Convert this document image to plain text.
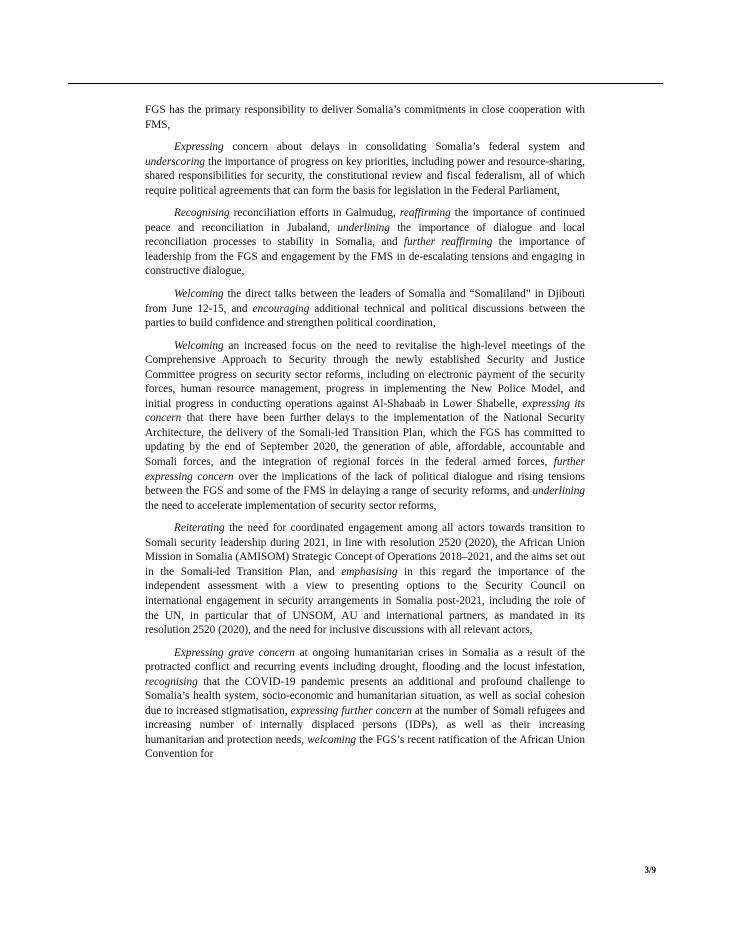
FGS has the primary responsibility to deliver Somalia’s commitments in close cooperation with FMS,

Expressing concern about delays in consolidating Somalia’s federal system and underscoring the importance of progress on key priorities, including power and resource-sharing, shared responsibilities for security, the constitutional review and fiscal federalism, all of which require political agreements that can form the basis for legislation in the Federal Parliament,

Recognising reconciliation efforts in Galmudug, reaffirming the importance of continued peace and reconciliation in Jubaland, underlining the importance of dialogue and local reconciliation processes to stability in Somalia, and further reaffirming the importance of leadership from the FGS and engagement by the FMS in de-escalating tensions and engaging in constructive dialogue,

Welcoming the direct talks between the leaders of Somalia and “Somaliland” in Djibouti from June 12-15, and encouraging additional technical and political discussions between the parties to build confidence and strengthen political coordination,

Welcoming an increased focus on the need to revitalise the high-level meetings of the Comprehensive Approach to Security through the newly established Security and Justice Committee progress on security sector reforms, including on electronic payment of the security forces, human resource management, progress in implementing the New Police Model, and initial progress in conducting operations against Al-Shabaab in Lower Shabelle, expressing its concern that there have been further delays to the implementation of the National Security Architecture, the delivery of the Somali-led Transition Plan, which the FGS has committed to updating by the end of September 2020, the generation of able, affordable, accountable and Somali forces, and the integration of regional forces in the federal armed forces, further expressing concern over the implications of the lack of political dialogue and rising tensions between the FGS and some of the FMS in delaying a range of security reforms, and underlining the need to accelerate implementation of security sector reforms,

Reiterating the need for coordinated engagement among all actors towards transition to Somali security leadership during 2021, in line with resolution 2520 (2020), the African Union Mission in Somalia (AMISOM) Strategic Concept of Operations 2018–2021, and the aims set out in the Somali-led Transition Plan, and emphasising in this regard the importance of the independent assessment with a view to presenting options to the Security Council on international engagement in security arrangements in Somalia post-2021, including the role of the UN, in particular that of UNSOM, AU and international partners, as mandated in its resolution 2520 (2020), and the need for inclusive discussions with all relevant actors,

Expressing grave concern at ongoing humanitarian crises in Somalia as a result of the protracted conflict and recurring events including drought, flooding and the locust infestation, recognising that the COVID-19 pandemic presents an additional and profound challenge to Somalia’s health system, socio-economic and humanitarian situation, as well as social cohesion due to increased stigmatisation, expressing further concern at the number of Somali refugees and increasing number of internally displaced persons (IDPs), as well as their increasing humanitarian and protection needs, welcoming the FGS’s recent ratification of the African Union Convention for

3/9
